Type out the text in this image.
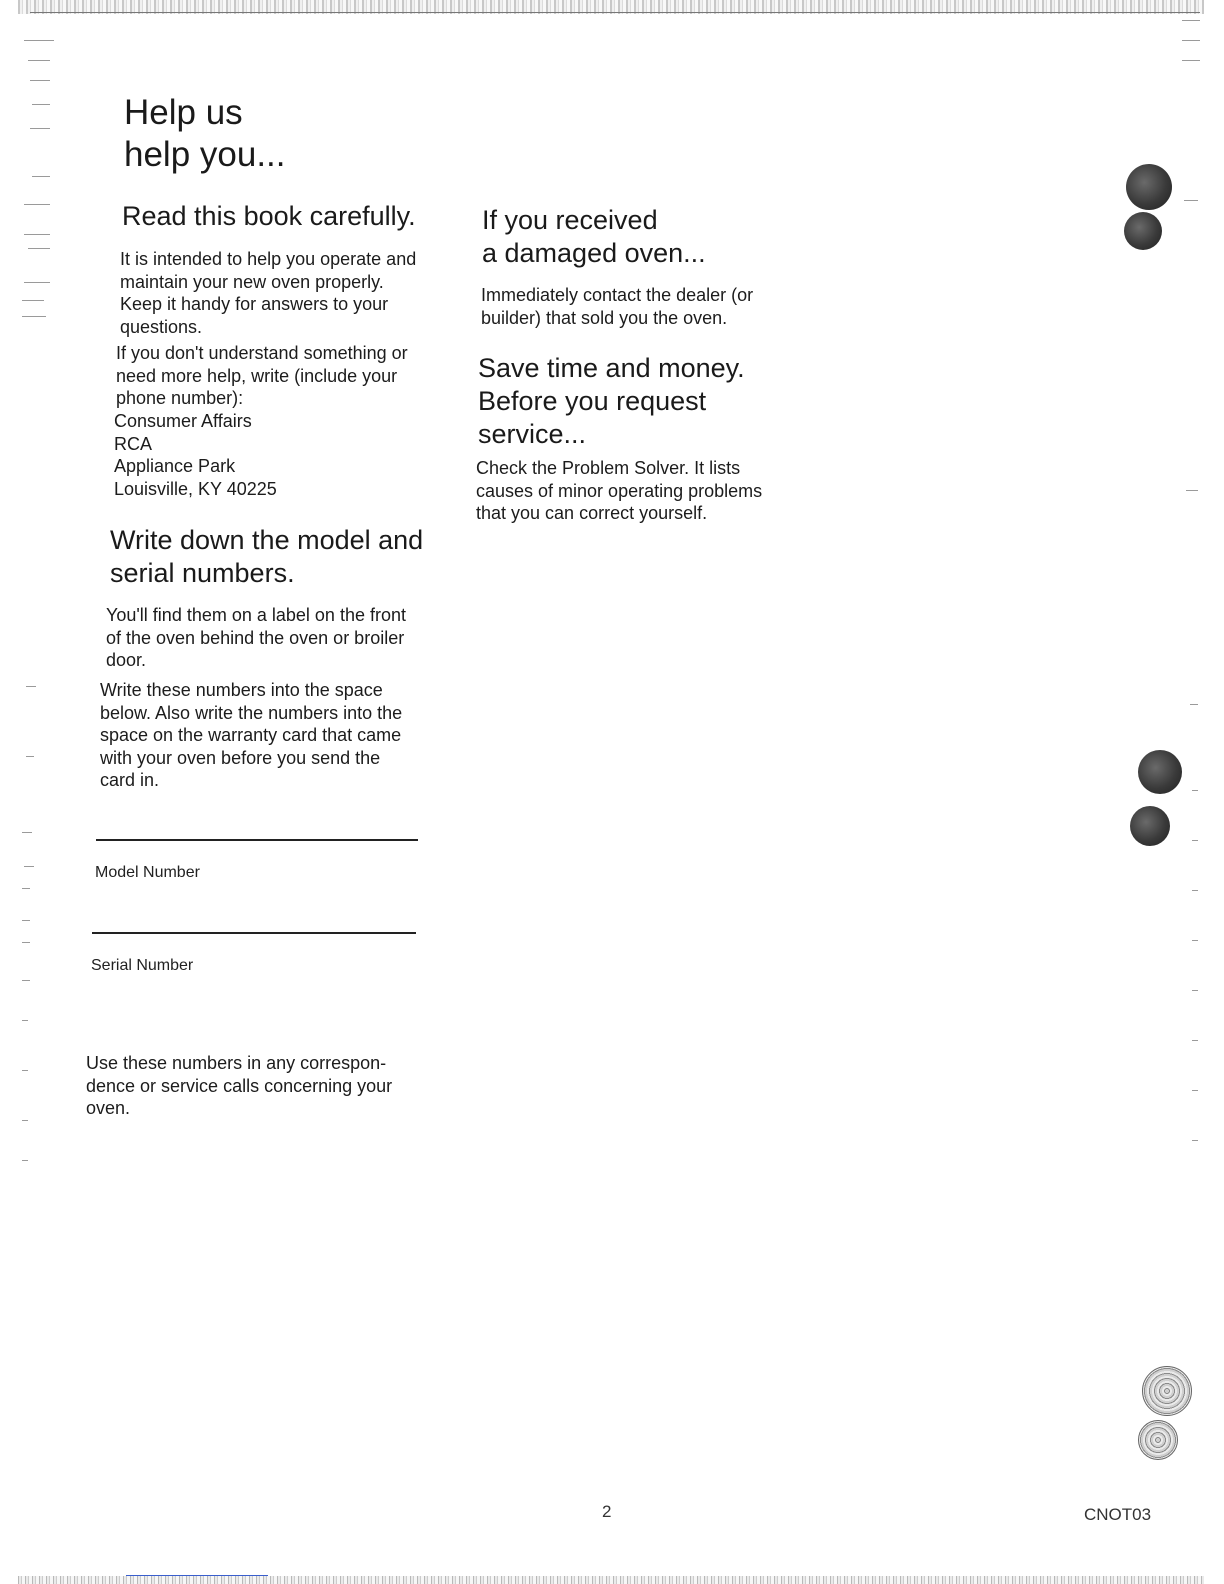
Help us
help you...
Read this book carefully.
It is intended to help you operate and
maintain your new oven properly.
Keep it handy for answers to your
questions.
If you don't understand something or
need more help, write (include your
phone number):
Consumer Affairs
RCA
Appliance Park
Louisville, KY 40225
Write down the model and
serial numbers.
You'll find them on a label on the front
of the oven behind the oven or broiler
door.
Write these numbers into the space
below. Also write the numbers into the
space on the warranty card that came
with your oven before you send the
card in.
Model Number
Serial Number
Use these numbers in any correspon-
dence or service calls concerning your
oven.
If you received
a damaged oven...
Immediately contact the dealer (or
builder) that sold you the oven.
Save time and money.
Before you request
service...
Check the Problem Solver. It lists
causes of minor operating problems
that you can correct yourself.
2	CNOT03
